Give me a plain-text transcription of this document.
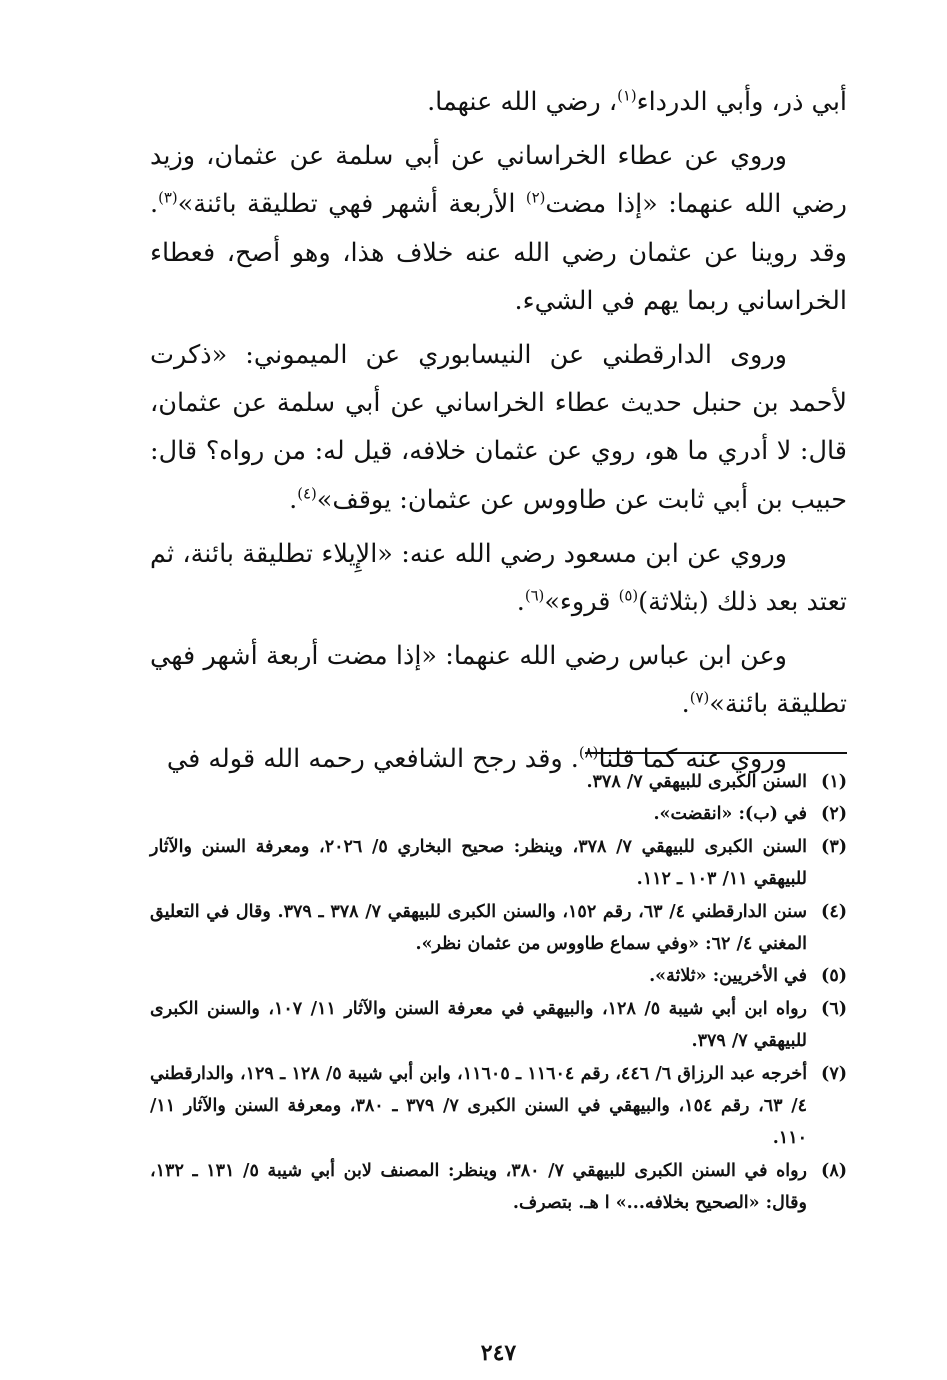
أبي ذر، وأبي الدرداء$^{(١)}$، رضي الله عنهما.

وروي عن عطاء الخراساني عن أبي سلمة عن عثمان، وزيد رضي الله عنهما: «إذا مضت$^{(٢)}$ الأربعة أشهر فهي تطليقة بائنة»$^{(٣)}$. وقد روينا عن عثمان رضي الله عنه خلاف هذا، وهو أصح، فعطاء الخراساني ربما يهم في الشيء.

وروى الدارقطني عن النيسابوري عن الميموني: «ذكرت لأحمد بن حنبل حديث عطاء الخراساني عن أبي سلمة عن عثمان، قال: لا أدري ما هو، روي عن عثمان خلافه، قيل له: من رواه؟ قال: حبيب بن أبي ثابت عن طاووس عن عثمان: يوقف»$^{(٤)}$.

وروي عن ابن مسعود رضي الله عنه: «الإِيلاء تطليقة بائنة، ثم تعتد بعد ذلك (بثلاثة)$^{(٥)}$ قروء»$^{(٦)}$.

وعن ابن عباس رضي الله عنهما: «إذا مضت أربعة أشهر فهي تطليقة بائنة»$^{(٧)}$.

وروي عنه كما قلنا$^{(٨)}$. وقد رجح الشافعي رحمه الله قوله في

(١)
السنن الكبرى للبيهقي ٧/ ٣٧٨.
(٢)
في (ب): «انقضت».
(٣)
السنن الكبرى للبيهقي ٧/ ٣٧٨، وينظر: صحيح البخاري ٥/ ٢٠٢٦، ومعرفة السنن والآثار للبيهقي ١١/ ١٠٣ ـ ١١٢.
(٤)
سنن الدارقطني ٤/ ٦٣، رقم ١٥٢، والسنن الكبرى للبيهقي ٧/ ٣٧٨ ـ ٣٧٩. وقال في التعليق المغني ٤/ ٦٢: «وفي سماع طاووس من عثمان نظر».
(٥)
في الأخريين: «ثلاثة».
(٦)
رواه ابن أبي شيبة ٥/ ١٢٨، والبيهقي في معرفة السنن والآثار ١١/ ١٠٧، والسنن الكبرى للبيهقي ٧/ ٣٧٩.
(٧)
أخرجه عبد الرزاق ٦/ ٤٤٦، رقم ١١٦٠٤ ـ ١١٦٠٥، وابن أبي شيبة ٥/ ١٢٨ ـ ١٢٩، والدارقطني ٤/ ٦٣، رقم ١٥٤، والبيهقي في السنن الكبرى ٧/ ٣٧٩ ـ ٣٨٠، ومعرفة السنن والآثار ١١/ ١١٠.
(٨)
رواه في السنن الكبرى للبيهقي ٧/ ٣٨٠، وينظر: المصنف لابن أبي شيبة ٥/ ١٣١ ـ ١٣٢، وقال: «الصحيح بخلافه...» ا هـ. بتصرف.
٢٤٧
